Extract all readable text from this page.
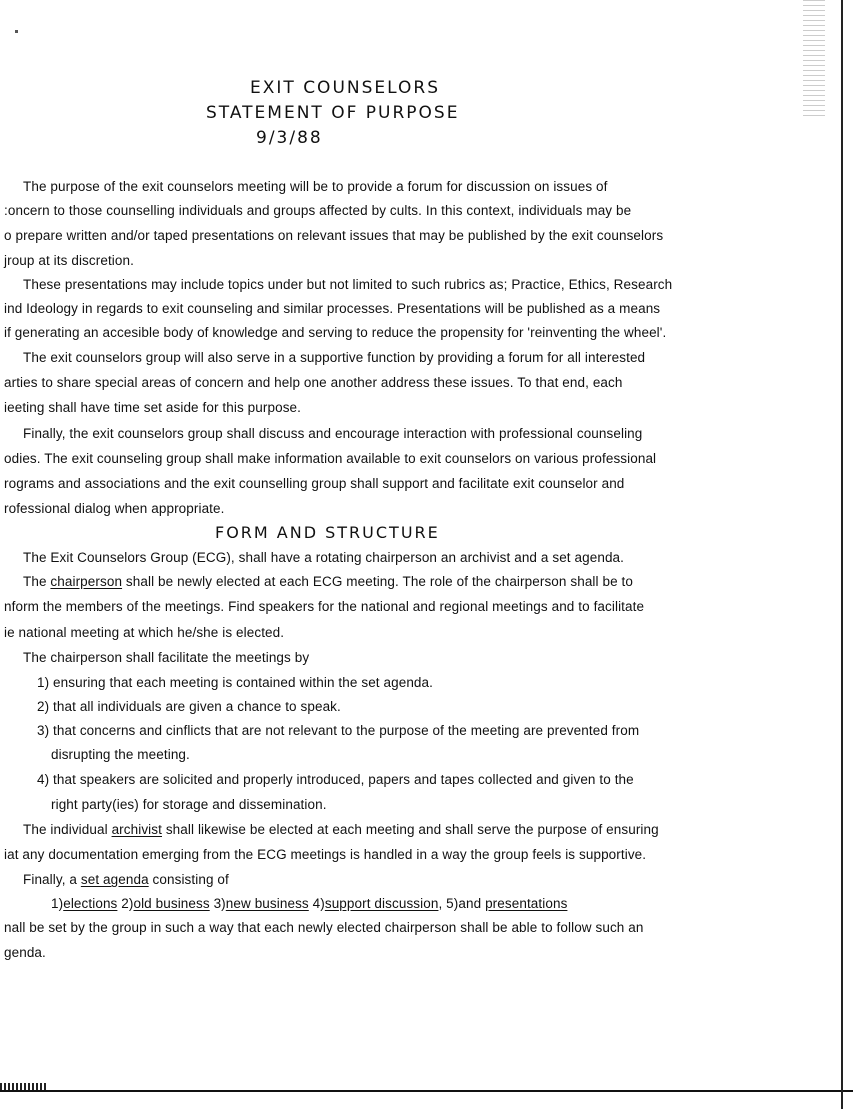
EXIT COUNSELORS
STATEMENT OF PURPOSE
9/3/88
The purpose of the exit counselors meeting will be to provide a forum for discussion on issues of
:oncern to those counselling individuals and groups affected by cults. In this context, individuals may be
o prepare written and/or taped presentations on relevant issues that may be published by the exit counselors
jroup at its discretion.
These presentations may include topics under but not limited to such rubrics as; Practice, Ethics, Research
ind Ideology in regards to exit counseling and similar processes. Presentations will be published as a means
if generating an accesible body of knowledge and serving to reduce the propensity for 'reinventing the wheel'.
The exit counselors group will also serve in a supportive function by providing a forum for all interested
arties to share special areas of concern and help one another address these issues. To that end, each
ieeting shall have time set aside for this purpose.
Finally, the exit counselors group shall discuss and encourage interaction with professional counseling
odies. The exit counseling group shall make information available to exit counselors on various professional
rograms and associations and the exit counselling group shall support and facilitate exit counselor and
rofessional dialog when appropriate.
FORM AND STRUCTURE
The Exit Counselors Group (ECG), shall have a rotating chairperson an archivist and a set agenda.
The chairperson shall be newly elected at each ECG meeting. The role of the chairperson shall be to
nform the members of the meetings. Find speakers for the national and regional meetings and to facilitate
ie national meeting at which he/she is elected.
The chairperson shall facilitate the meetings by
1) ensuring that each meeting is contained within the set agenda.
2) that all individuals are given a chance to speak.
3) that concerns and cinflicts that are not relevant to the purpose of the meeting are prevented from
disrupting the meeting.
4) that speakers are solicited and properly introduced, papers and tapes collected and given to the
right party(ies) for storage and dissemination.
The individual archivist shall likewise be elected at each meeting and shall serve the purpose of ensuring
iat any documentation emerging from the ECG meetings is handled in a way the group feels is supportive.
Finally, a set agenda consisting of
1)elections 2)old business 3)new business 4)support discussion, 5)and presentations
nall be set by the group in such a way that each newly elected chairperson shall be able to follow such an
genda.
